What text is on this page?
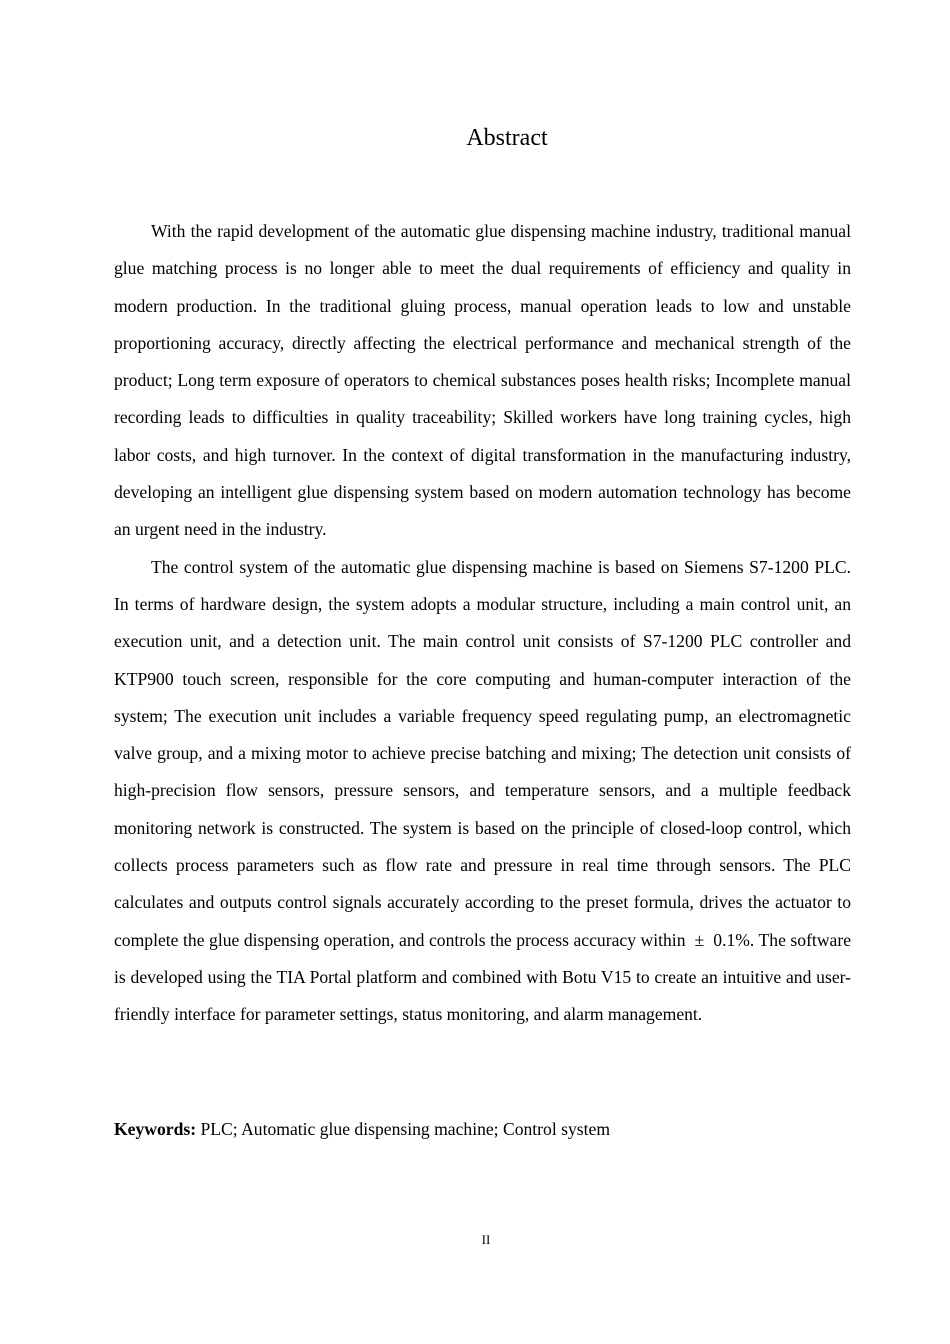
Abstract

With the rapid development of the automatic glue dispensing machine industry, traditional manual glue matching process is no longer able to meet the dual requirements of efficiency and quality in modern production. In the traditional gluing process, manual operation leads to low and unstable proportioning accuracy, directly affecting the electrical performance and mechanical strength of the product; Long term exposure of operators to chemical substances poses health risks; Incomplete manual recording leads to difficulties in quality traceability; Skilled workers have long training cycles, high labor costs, and high turnover. In the context of digital transformation in the manufacturing industry, developing an intelligent glue dispensing system based on modern automation technology has become an urgent need in the industry.

The control system of the automatic glue dispensing machine is based on Siemens S7-1200 PLC. In terms of hardware design, the system adopts a modular structure, including a main control unit, an execution unit, and a detection unit. The main control unit consists of S7-1200 PLC controller and KTP900 touch screen, responsible for the core computing and human-computer interaction of the system; The execution unit includes a variable frequency speed regulating pump, an electromagnetic valve group, and a mixing motor to achieve precise batching and mixing; The detection unit consists of high-precision flow sensors, pressure sensors, and temperature sensors, and a multiple feedback monitoring network is constructed. The system is based on the principle of closed-loop control, which collects process parameters such as flow rate and pressure in real time through sensors. The PLC calculates and outputs control signals accurately according to the preset formula, drives the actuator to complete the glue dispensing operation, and controls the process accuracy within  ±  0.1%. The software is developed using the TIA Portal platform and combined with Botu V15 to create an intuitive and user-friendly interface for parameter settings, status monitoring, and alarm management.

Keywords: PLC; Automatic glue dispensing machine; Control system

II
